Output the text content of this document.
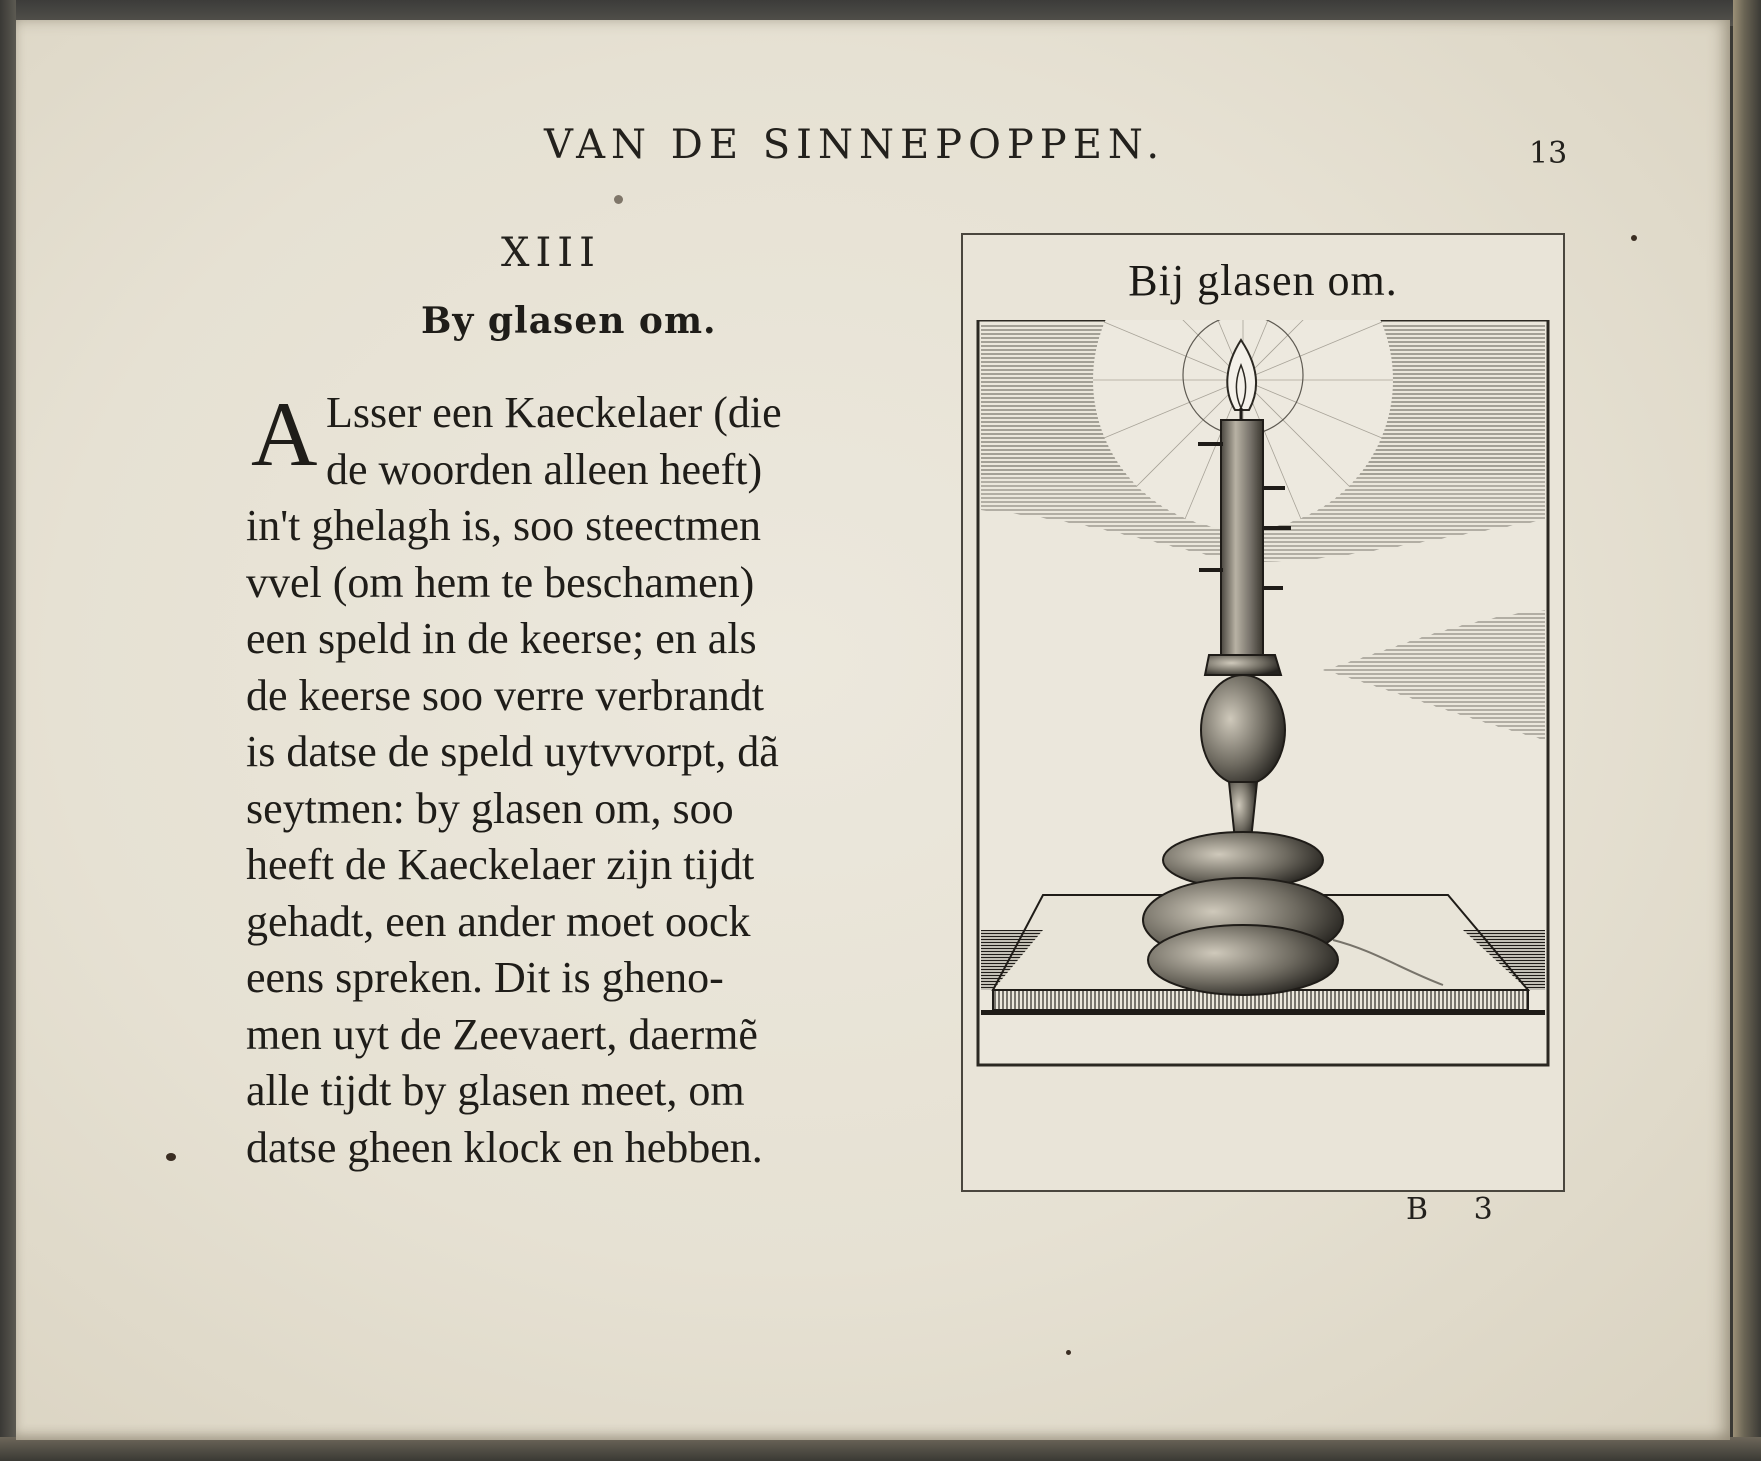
VAN DE SINNEPOPPEN.	13
XIII
By glasen om.
A Lsser een Kaeckelaer (die
de woorden alleen heeft)
in't ghelagh is, soo steectmen
vvel (om hem te beschamen)
een speld in de keerse; en als
de keerse soo verre verbrandt
is datse de speld uytvvorpt, dã
seytmen: by glasen om, soo
heeft de Kaeckelaer zijn tijdt
gehadt, een ander moet oock
eens spreken. Dit is gheno-
men uyt de Zeevaert, daermẽ
alle tijdt by glasen meet, om
datse gheen klock en hebben.
Bij glasen om.
B 3
